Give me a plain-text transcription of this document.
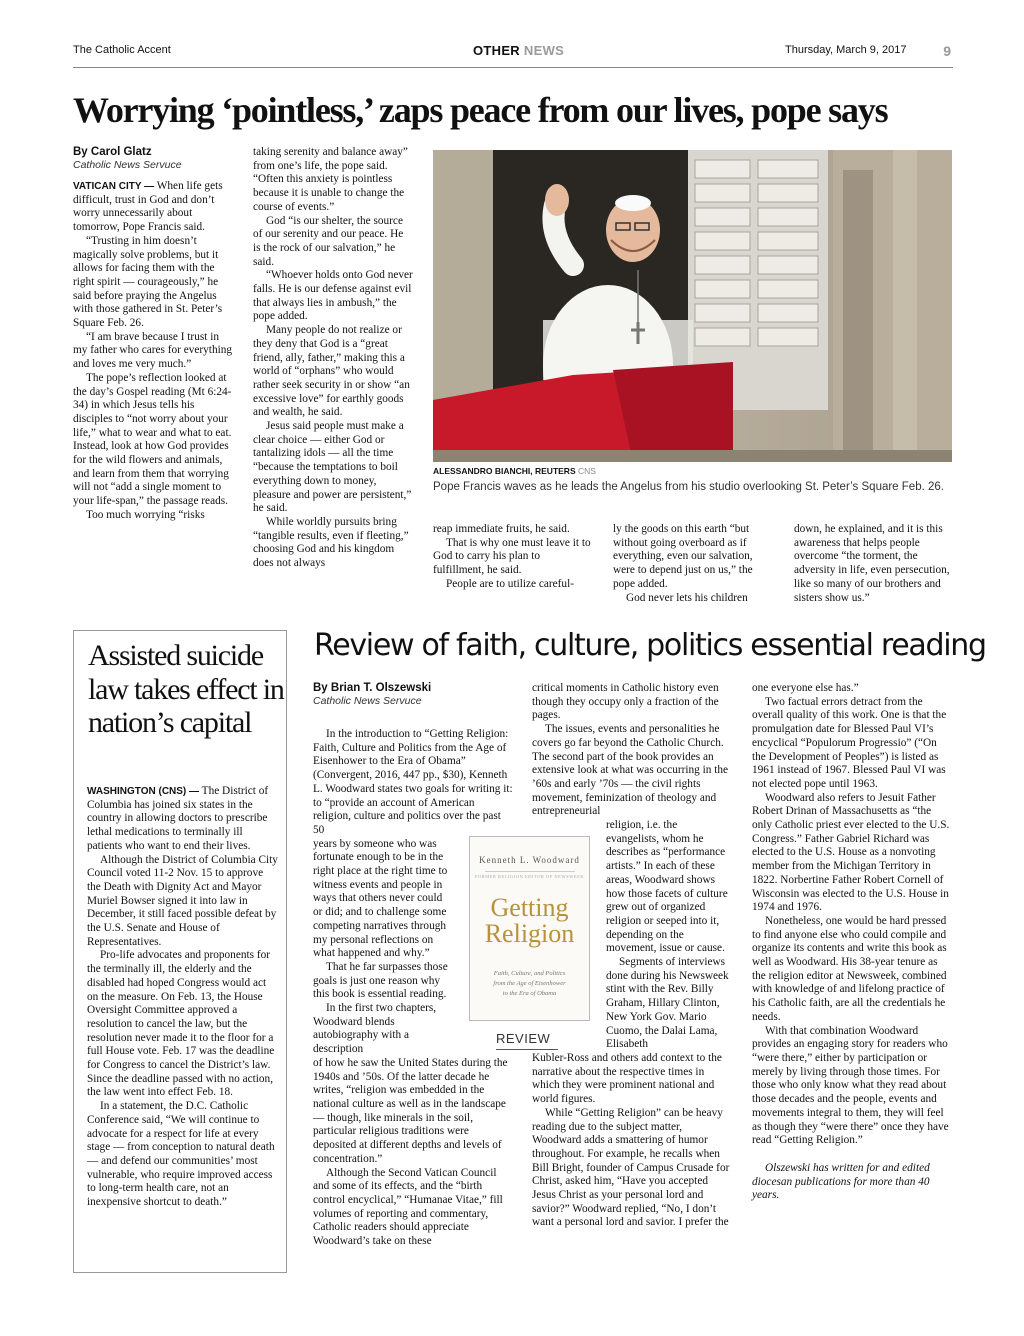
The Catholic Accent	OTHER NEWS	Thursday, March 9, 2017	9
Worrying ‘pointless,’ zaps peace from our lives, pope says
By Carol Glatz
Catholic News Servuce

VATICAN CITY — When life gets difficult, trust in God and don’t worry unnecessarily about tomorrow, Pope Francis said.

“Trusting in him doesn’t magically solve problems, but it allows for facing them with the right spirit — courageously,” he said before praying the Angelus with those gathered in St. Peter’s Square Feb. 26.

“I am brave because I trust in my father who cares for everything and loves me very much.”

The pope’s reflection looked at the day’s Gospel reading (Mt 6:24-34) in which Jesus tells his disciples to “not worry about your life,” what to wear and what to eat. Instead, look at how God provides for the wild flowers and animals, and learn from them that worrying will not “add a single moment to your life-span,” the passage reads.

Too much worrying “risks

taking serenity and balance away” from one’s life, the pope said. “Often this anxiety is pointless because it is unable to change the course of events.”

God “is our shelter, the source of our serenity and our peace. He is the rock of our salvation,” he said.

“Whoever holds onto God never falls. He is our defense against evil that always lies in ambush,” the pope added.

Many people do not realize or they deny that God is a “great friend, ally, father,” making this a world of “orphans” who would rather seek security in or show “an excessive love” for earthly goods and wealth, he said.

Jesus said people must make a clear choice — either God or tantalizing idols — all the time “because the temptations to boil everything down to money, pleasure and power are persistent,” he said.

While worldly pursuits bring “tangible results, even if fleeting,” choosing God and his kingdom does not always

ALESSANDRO BIANCHI, REUTERS CNS
Pope Francis waves as he leads the Angelus from his studio overlooking St. Peter’s Square Feb. 26.

reap immediate fruits, he said.

That is why one must leave it to God to carry his plan to fulfillment, he said.

People are to utilize careful-

ly the goods on this earth “but without going overboard as if everything, even our salvation, were to depend just on us,” the pope added.

God never lets his children

down, he explained, and it is this awareness that helps people overcome “the torment, the adversity in life, even persecution, like so many of our brothers and sisters show us.”

Assisted suicide law takes effect in nation’s capital

WASHINGTON (CNS) — The District of Columbia has joined six states in the country in allowing doctors to prescribe lethal medications to terminally ill patients who want to end their lives.

Although the District of Columbia City Council voted 11-2 Nov. 15 to approve the Death with Dignity Act and Mayor Muriel Bowser signed it into law in December, it still faced possible defeat by the U.S. Senate and House of Representatives.

Pro-life advocates and proponents for the terminally ill, the elderly and the disabled had hoped Congress would act on the measure. On Feb. 13, the House Oversight Committee approved a resolution to cancel the law, but the resolution never made it to the floor for a full House vote. Feb. 17 was the deadline for Congress to cancel the District’s law. Since the deadline passed with no action, the law went into effect Feb. 18.

In a statement, the D.C. Catholic Conference said, “We will continue to advocate for a respect for life at every stage — from conception to natural death — and defend our communities’ most vulnerable, who require improved access to long-term health care, not an inexpensive shortcut to death.”

Review of faith, culture, politics essential reading
By Brian T. Olszewski
Catholic News Servuce

In the introduction to “Getting Religion: Faith, Culture and Politics from the Age of Eisenhower to the Era of Obama” (Convergent, 2016, 447 pp., $30), Kenneth L. Woodward states two goals for writing it: to “provide an account of American religion, culture and politics over the past 50

years by someone who was fortunate enough to be in the right place at the right time to witness events and people in ways that others never could or did; and to challenge some competing narratives through my personal reflections on what happened and why.”

That he far surpasses those goals is just one reason why this book is essential reading.

In the first two chapters, Woodward blends autobiography with a description

of how he saw the United States during the 1940s and ’50s. Of the latter decade he writes, “religion was embedded in the national culture as well as in the landscape — though, like minerals in the soil, particular religious traditions were deposited at different depths and levels of concentration.”

Although the Second Vatican Council and some of its effects, and the “birth control encyclical,” “Humanae Vitae,” fill volumes of reporting and commentary, Catholic readers should appreciate Woodward’s take on these

Kenneth L. Woodward
FORMER RELIGION EDITOR OF NEWSWEEK
Getting
Religion
Faith, Culture, and Politics
from the Age of Eisenhower
to the Era of Obama
REVIEW

critical moments in Catholic history even though they occupy only a fraction of the pages.

The issues, events and personalities he covers go far beyond the Catholic Church. The second part of the book provides an extensive look at what was occurring in the ’60s and early ’70s — the civil rights movement, feminization of theology and entrepreneurial

religion, i.e. the evangelists, whom he describes as “performance artists.” In each of these areas, Woodward shows how those facets of culture grew out of organized religion or seeped into it, depending on the movement, issue or cause.

Segments of interviews done during his Newsweek stint with the Rev. Billy Graham, Hillary Clinton, New York Gov. Mario Cuomo, the Dalai Lama, Elisabeth

Kubler-Ross and others add context to the narrative about the respective times in which they were prominent national and world figures.

While “Getting Religion” can be heavy reading due to the subject matter, Woodward adds a smattering of humor throughout. For example, he recalls when Bill Bright, founder of Campus Crusade for Christ, asked him, “Have you accepted Jesus Christ as your personal lord and savior?” Woodward replied, “No, I don’t want a personal lord and savior. I prefer the

one everyone else has.”

Two factual errors detract from the overall quality of this work. One is that the promulgation date for Blessed Paul VI’s encyclical “Populorum Progressio” (“On the Development of Peoples”) is listed as 1961 instead of 1967. Blessed Paul VI was not elected pope until 1963.

Woodward also refers to Jesuit Father Robert Drinan of Massachusetts as “the only Catholic priest ever elected to the U.S. Congress.” Father Gabriel Richard was elected to the U.S. House as a nonvoting member from the Michigan Territory in 1822. Norbertine Father Robert Cornell of Wisconsin was elected to the U.S. House in 1974 and 1976.

Nonetheless, one would be hard pressed to find anyone else who could compile and organize its contents and write this book as well as Woodward. His 38-year tenure as the religion editor at Newsweek, combined with knowledge of and lifelong practice of his Catholic faith, are all the credentials he needs.

With that combination Woodward provides an engaging story for readers who “were there,” either by participation or merely by living through those times. For those who only know what they read about those decades and the people, events and movements integral to them, they will feel as though they “were there” once they have read “Getting Religion.”

Olszewski has written for and edited diocesan publications for more than 40 years.
